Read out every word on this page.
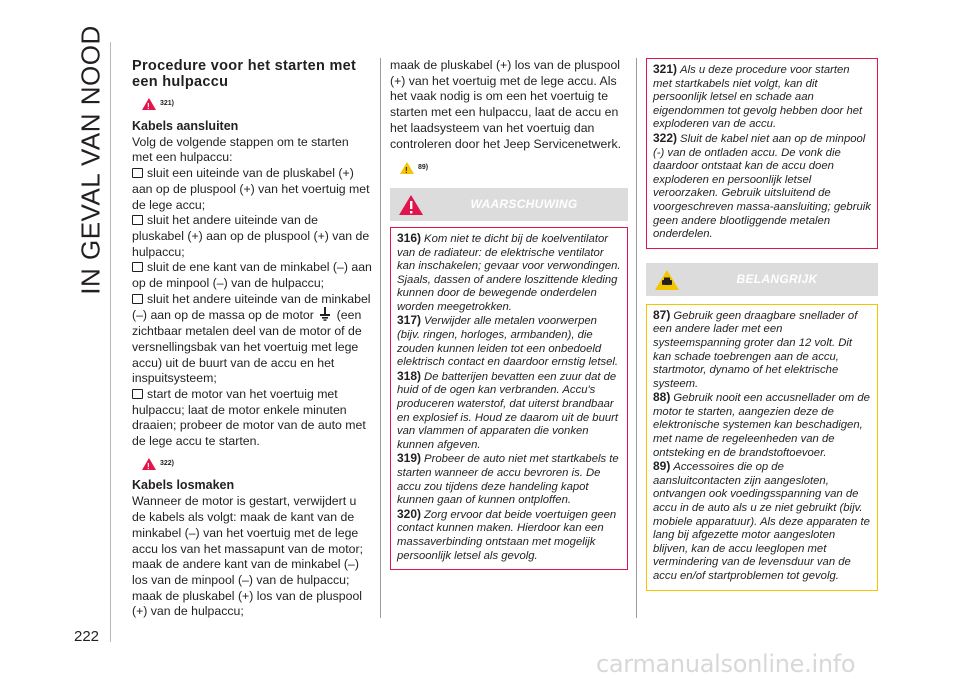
IN GEVAL VAN NOOD
222
Procedure voor het starten met een hulpaccu
!
321)
Kabels aansluiten

Volg de volgende stappen om te starten met een hulpaccu:

sluit een uiteinde van de pluskabel (+) aan op de pluspool (+) van het voertuig met de lege accu;
sluit het andere uiteinde van de pluskabel (+) aan op de pluspool (+) van de hulpaccu;
sluit de ene kant van de minkabel (–) aan op de minpool (–) van de hulpaccu;
sluit het andere uiteinde van de minkabel (–) aan op de massa op de motor (een zichtbaar metalen deel van de motor of de versnellingsbak van het voertuig met lege accu) uit de buurt van de accu en het inspuitsysteem;
start de motor van het voertuig met hulpaccu; laat de motor enkele minuten draaien; probeer de motor van de auto met de lege accu te starten.
!
322)
Kabels losmaken

Wanneer de motor is gestart, verwijdert u de kabels als volgt: maak de kant van de minkabel (–) van het voertuig met de lege accu los van het massapunt van de motor; maak de andere kant van de minkabel (–) los van de minpool (–) van de hulpaccu; maak de pluskabel (+) los van de pluspool (+) van de hulpaccu;

maak de pluskabel (+) los van de pluspool (+) van het voertuig met de lege accu. Als het vaak nodig is om een het voertuig te starten met een hulpaccu, laat de accu en het laadsysteem van het voertuig dan controleren door het Jeep Servicenetwerk.

!
89)
WAARSCHUWING

316) Kom niet te dicht bij de koelventilator van de radiateur: de elektrische ventilator kan inschakelen; gevaar voor verwondingen. Sjaals, dassen of andere loszittende kleding kunnen door de bewegende onderdelen worden meegetrokken.

317) Verwijder alle metalen voorwerpen (bijv. ringen, horloges, armbanden), die zouden kunnen leiden tot een onbedoeld elektrisch contact en daardoor ernstig letsel.

318) De batterijen bevatten een zuur dat de huid of de ogen kan verbranden. Accu's produceren waterstof, dat uiterst brandbaar en explosief is. Houd ze daarom uit de buurt van vlammen of apparaten die vonken kunnen afgeven.

319) Probeer de auto niet met startkabels te starten wanneer de accu bevroren is. De accu zou tijdens deze handeling kapot kunnen gaan of kunnen ontploffen.

320) Zorg ervoor dat beide voertuigen geen contact kunnen maken. Hierdoor kan een massaverbinding ontstaan met mogelijk persoonlijk letsel als gevolg.

321) Als u deze procedure voor starten met startkabels niet volgt, kan dit persoonlijk letsel en schade aan eigendommen tot gevolg hebben door het exploderen van de accu.

322) Sluit de kabel niet aan op de minpool (-) van de ontladen accu. De vonk die daardoor ontstaat kan de accu doen exploderen en persoonlijk letsel veroorzaken. Gebruik uitsluitend de voorgeschreven massa-aansluiting; gebruik geen andere blootliggende metalen onderdelen.

BELANGRIJK

87) Gebruik geen draagbare snellader of een andere lader met een systeemspanning groter dan 12 volt. Dit kan schade toebrengen aan de accu, startmotor, dynamo of het elektrische systeem.

88) Gebruik nooit een accusnellader om de motor te starten, aangezien deze de elektronische systemen kan beschadigen, met name de regeleenheden van de ontsteking en de brandstoftoevoer.

89) Accessoires die op de aansluitcontacten zijn aangesloten, ontvangen ook voedingsspanning van de accu in de auto als u ze niet gebruikt (bijv. mobiele apparatuur). Als deze apparaten te lang bij afgezette motor aangesloten blijven, kan de accu leeglopen met vermindering van de levensduur van de accu en/of startproblemen tot gevolg.

carmanualsonline.info
